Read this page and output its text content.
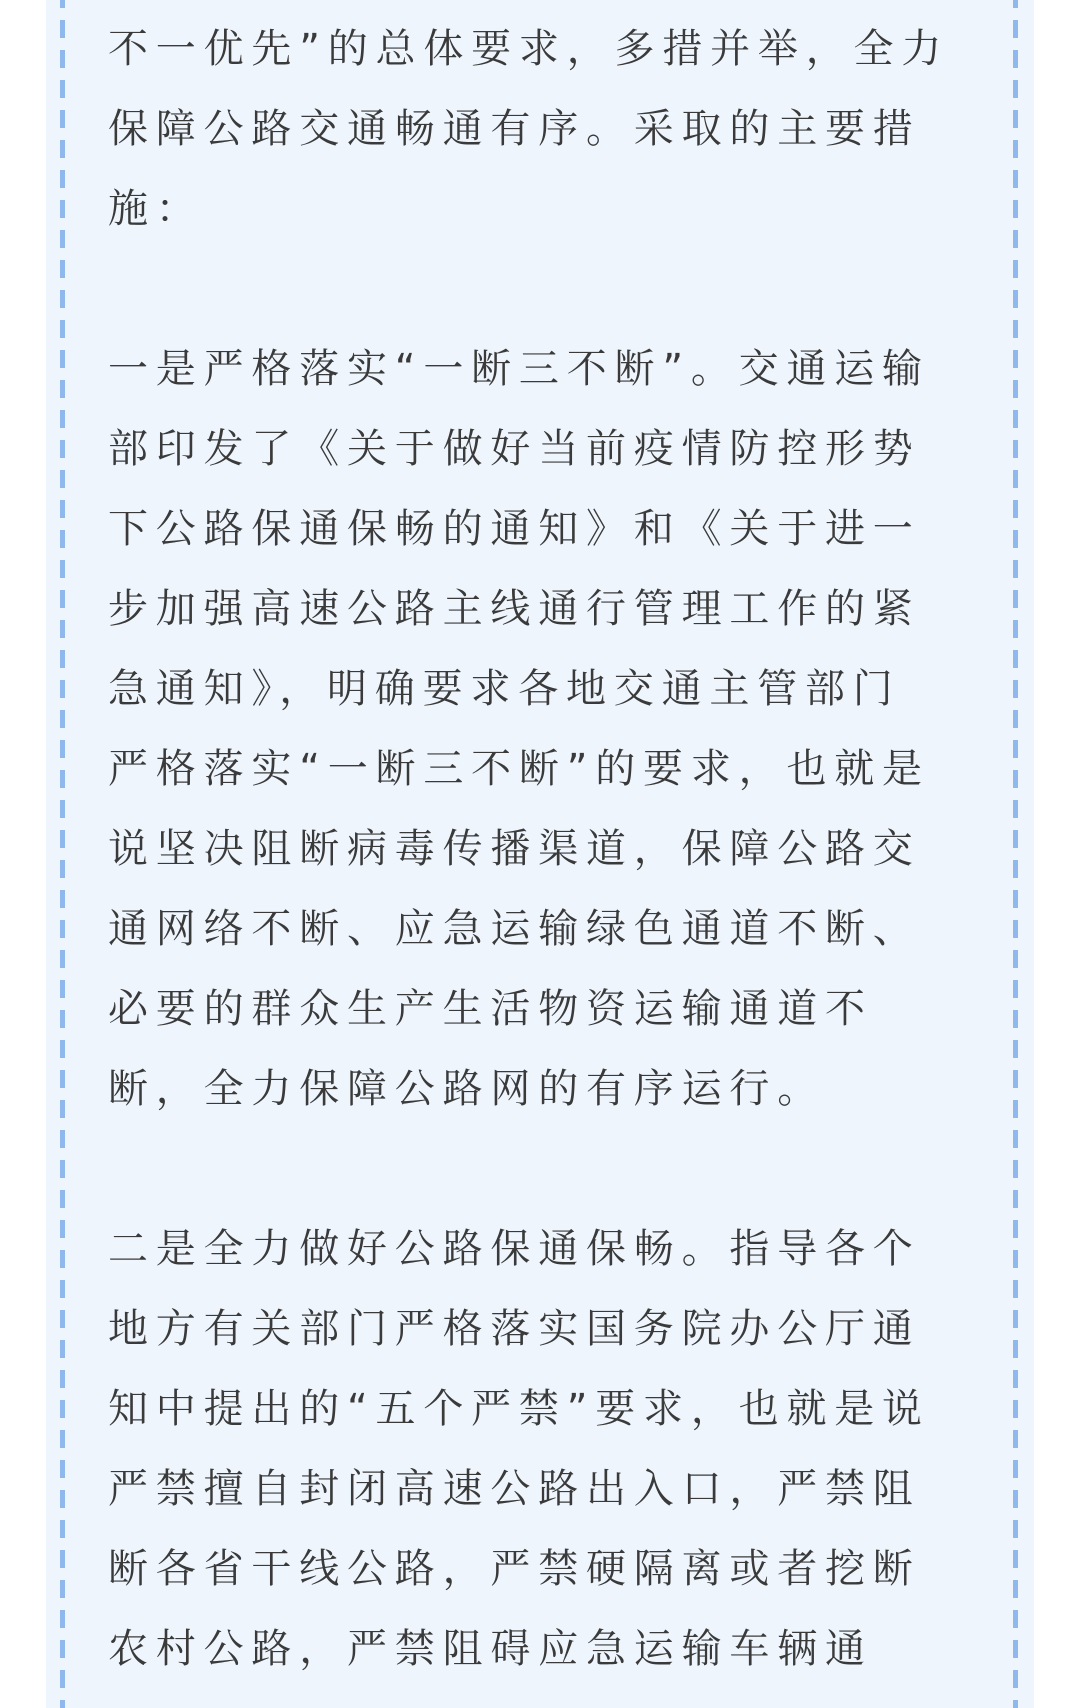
不一优先”的总体要求，多措并举，全力
保障公路交通畅通有序。采取的主要措
施：

一是严格落实“一断三不断”。交通运输
部印发了《关于做好当前疫情防控形势
下公路保通保畅的通知》和《关于进一
步加强高速公路主线通行管理工作的紧
急通知》，明确要求各地交通主管部门
严格落实“一断三不断”的要求，也就是
说坚决阻断病毒传播渠道，保障公路交
通网络不断、应急运输绿色通道不断、
必要的群众生产生活物资运输通道不
断，全力保障公路网的有序运行。

二是全力做好公路保通保畅。指导各个
地方有关部门严格落实国务院办公厅通
知中提出的“五个严禁”要求，也就是说
严禁擅自封闭高速公路出入口，严禁阻
断各省干线公路，严禁硬隔离或者挖断
农村公路，严禁阻碍应急运输车辆通
